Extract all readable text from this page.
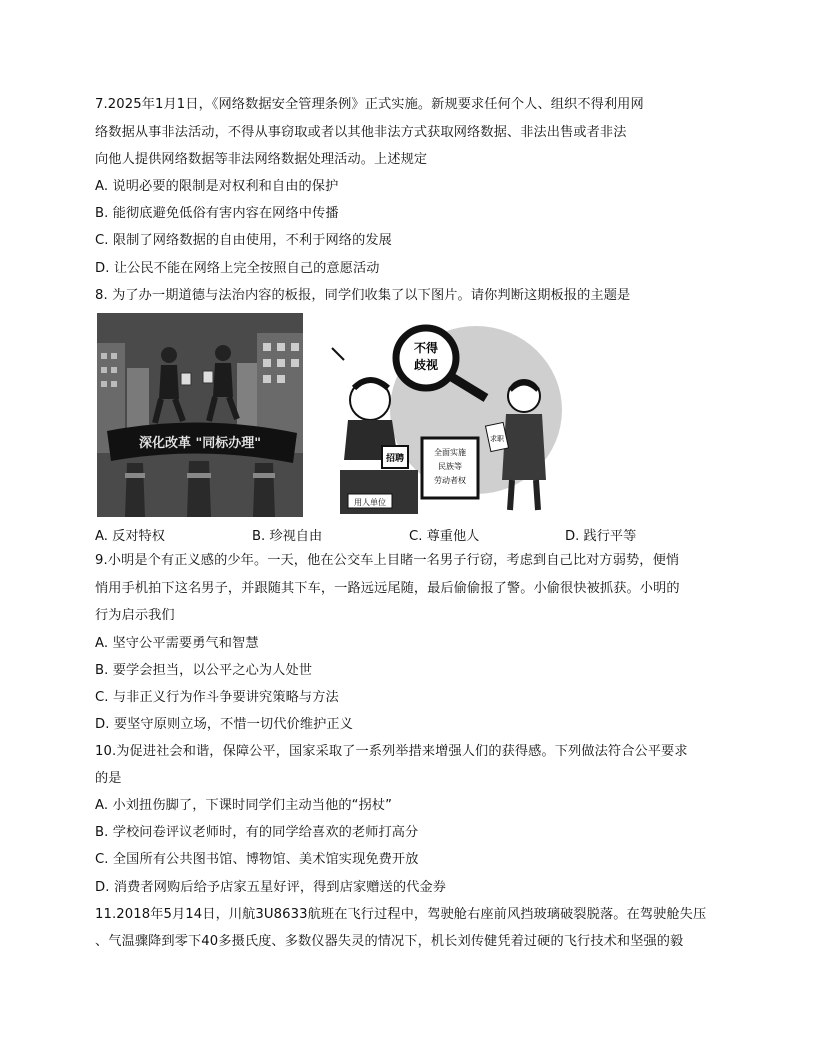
7.2025年1月1日，《网络数据安全管理条例》正式实施。新规要求任何个人、组织不得利用网
络数据从事非法活动，不得从事窃取或者以其他非法方式获取网络数据、非法出售或者非法
向他人提供网络数据等非法网络数据处理活动。上述规定
A. 说明必要的限制是对权利和自由的保护
B. 能彻底避免低俗有害内容在网络中传播
C. 限制了网络数据的自由使用，不利于网络的发展
D. 让公民不能在网络上完全按照自己的意愿活动
8. 为了办一期道德与法治内容的板报，同学们收集了以下图片。请你判断这期板报的主题是
深化改革 "同标办理"
不得
歧视
用人单位
招聘
全面实施
民族等
劳动者权
求职
A. 反对特权	B. 珍视自由	C. 尊重他人	D. 践行平等
9.小明是个有正义感的少年。一天，他在公交车上目睹一名男子行窃，考虑到自己比对方弱势，便悄
悄用手机拍下这名男子，并跟随其下车，一路远远尾随，最后偷偷报了警。小偷很快被抓获。小明的
行为启示我们
A. 坚守公平需要勇气和智慧
B. 要学会担当，以公平之心为人处世
C. 与非正义行为作斗争要讲究策略与方法
D. 要坚守原则立场，不惜一切代价维护正义
10.为促进社会和谐，保障公平，国家采取了一系列举措来增强人们的获得感。下列做法符合公平要求
的是
A. 小刘扭伤脚了，下课时同学们主动当他的“拐杖”
B. 学校问卷评议老师时，有的同学给喜欢的老师打高分
C. 全国所有公共图书馆、博物馆、美术馆实现免费开放
D. 消费者网购后给予店家五星好评，得到店家赠送的代金券
11.2018年5月14日，川航3U8633航班在飞行过程中，驾驶舱右座前风挡玻璃破裂脱落。在驾驶舱失压
、气温骤降到零下40多摄氏度、多数仪器失灵的情况下，机长刘传健凭着过硬的飞行技术和坚强的毅
